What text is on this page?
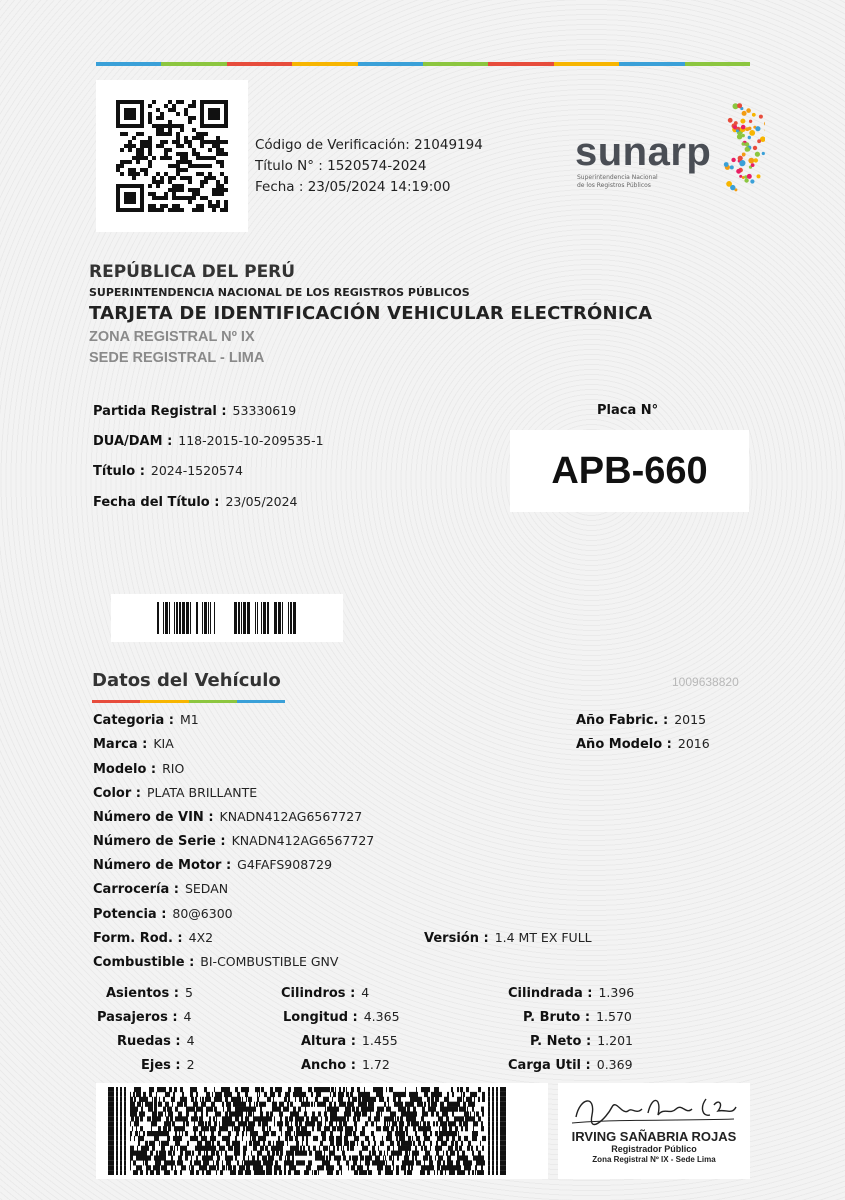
Código de Verificación: 21049194
Título N° : 1520574-2024
Fecha : 23/05/2024 14:19:00
sunarp
Superintendencia Nacional
de los Registros Públicos
REPÚBLICA DEL PERÚ
SUPERINTENDENCIA NACIONAL DE LOS REGISTROS PÚBLICOS
TARJETA DE IDENTIFICACIÓN VEHICULAR ELECTRÓNICA
ZONA REGISTRAL Nº IX
SEDE REGISTRAL - LIMA
Partida Registral : 53330619
DUA/DAM : 118-2015-10-209535-1
Título : 2024-1520574
Fecha del Título : 23/05/2024
Placa N°
APB-660
Datos del Vehículo	1009638820
Categoria : M1
Marca : KIA
Modelo : RIO
Color : PLATA BRILLANTE
Número de VIN : KNADN412AG6567727
Número de Serie : KNADN412AG6567727
Número de Motor : G4FAFS908729
Carrocería : SEDAN
Potencia : 80@6300
Form. Rod. : 4X2	Versión : 1.4 MT EX FULL
Combustible : BI-COMBUSTIBLE GNV
Año Fabric. : 2015
Año Modelo : 2016
Asientos : 5
Pasajeros : 4
Ruedas : 4
Ejes : 2
Cilindros : 4
Longitud : 4.365
Altura : 1.455
Ancho : 1.72
Cilindrada : 1.396
P. Bruto : 1.570
P. Neto : 1.201
Carga Util : 0.369
IRVING SAÑABRIA ROJAS
Registrador Público
Zona Registral Nº IX - Sede Lima
